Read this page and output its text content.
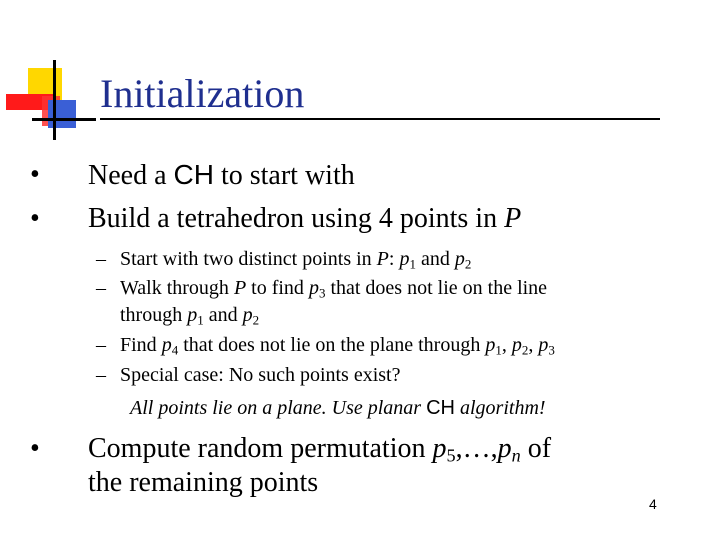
Initialization
• Need a CH to start with
• Build a tetrahedron using 4 points in P
– Start with two distinct points in P: $p_1$ and $p_2$
– Walk through P to find $p_3$ that does not lie on the line
through $p_1$ and $p_2$
– Find $p_4$ that does not lie on the plane through $p_1$, $p_2$, $p_3$
– Special case: No such points exist?
All points lie on a plane. Use planar CH algorithm!
• Compute random permutation $p_5,\dots,p_n$ of
the remaining points
4
